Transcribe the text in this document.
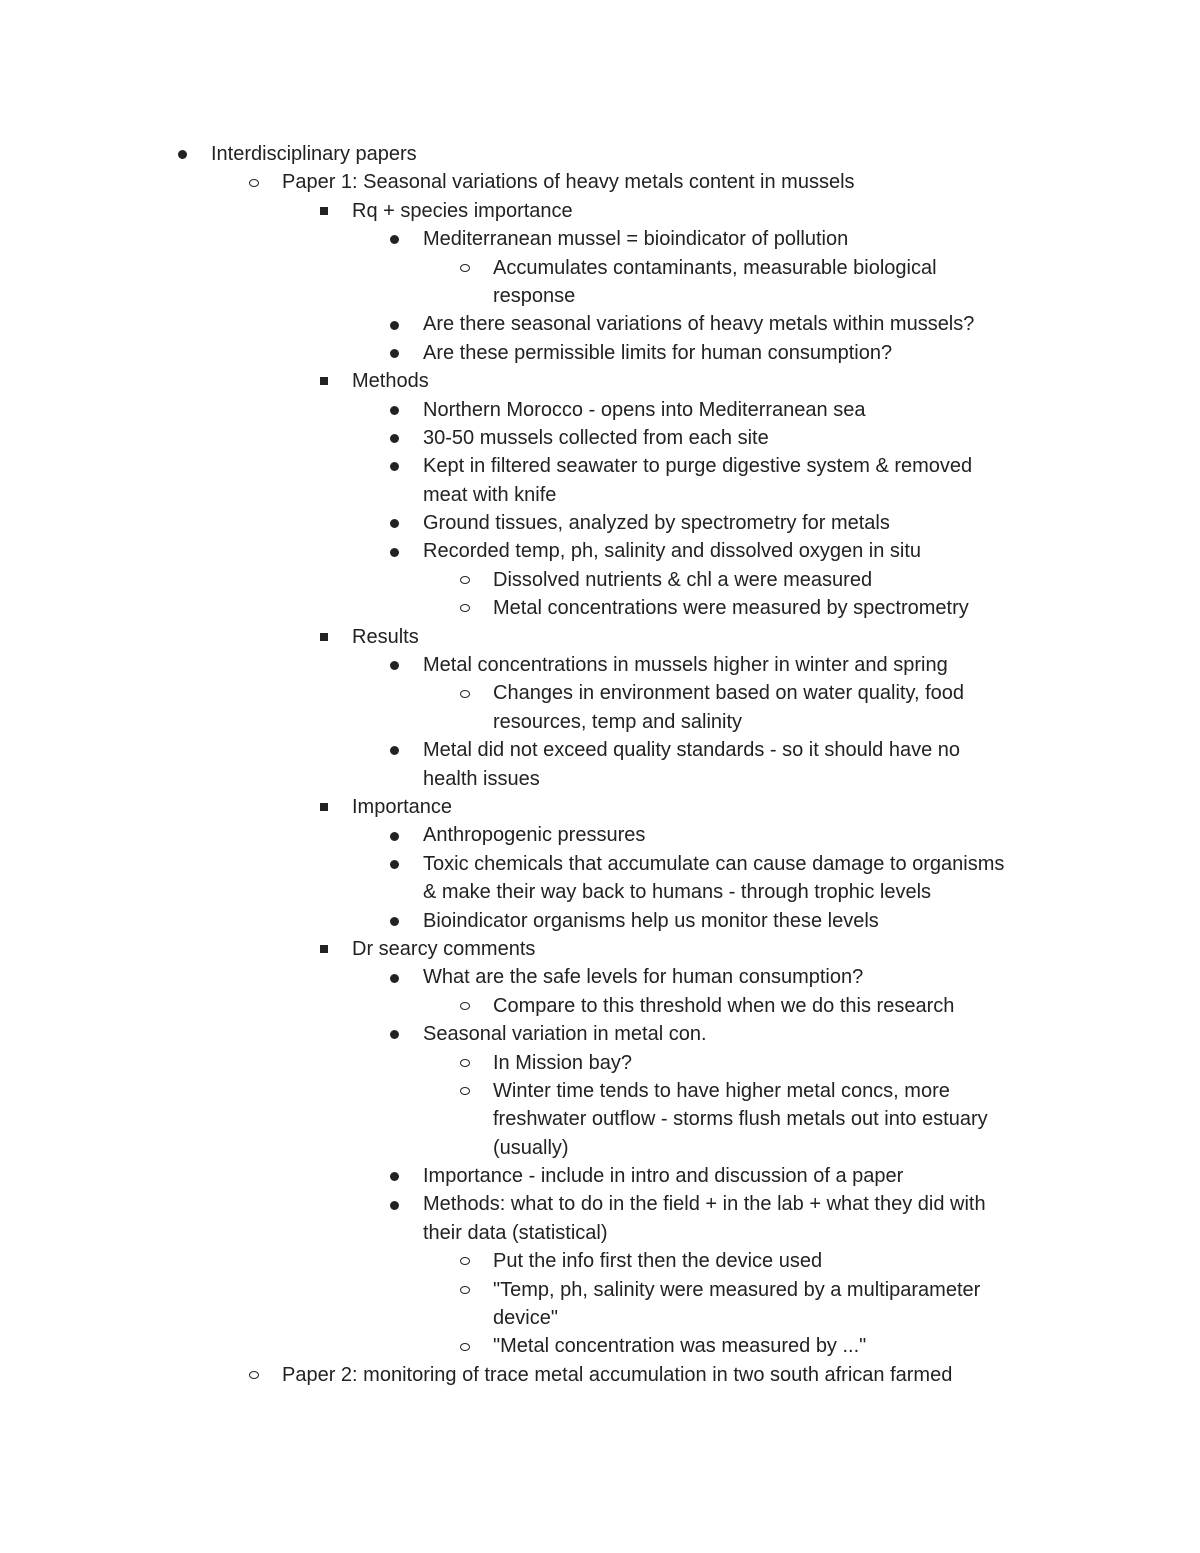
Interdisciplinary papers
Paper 1: Seasonal variations of heavy metals content in mussels
Rq + species importance
Mediterranean mussel = bioindicator of pollution
Accumulates contaminants, measurable biological
response
Are there seasonal variations of heavy metals within mussels?
Are these permissible limits for human consumption?
Methods
Northern Morocco - opens into Mediterranean sea
30-50 mussels collected from each site
Kept in filtered seawater to purge digestive system & removed
meat with knife
Ground tissues, analyzed by spectrometry for metals
Recorded temp, ph, salinity and dissolved oxygen in situ
Dissolved nutrients & chl a were measured
Metal concentrations were measured by spectrometry
Results
Metal concentrations in mussels higher in winter and spring
Changes in environment based on water quality, food
resources, temp and salinity
Metal did not exceed quality standards - so it should have no
health issues
Importance
Anthropogenic pressures
Toxic chemicals that accumulate can cause damage to organisms
& make their way back to humans - through trophic levels
Bioindicator organisms help us monitor these levels
Dr searcy comments
What are the safe levels for human consumption?
Compare to this threshold when we do this research
Seasonal variation in metal con.
In Mission bay?
Winter time tends to have higher metal concs, more
freshwater outflow - storms flush metals out into estuary
(usually)
Importance - include in intro and discussion of a paper
Methods: what to do in the field + in the lab + what they did with
their data (statistical)
Put the info first then the device used
"Temp, ph, salinity were measured by a multiparameter
device"
"Metal concentration was measured by ..."
Paper 2: monitoring of trace metal accumulation in two south african farmed
